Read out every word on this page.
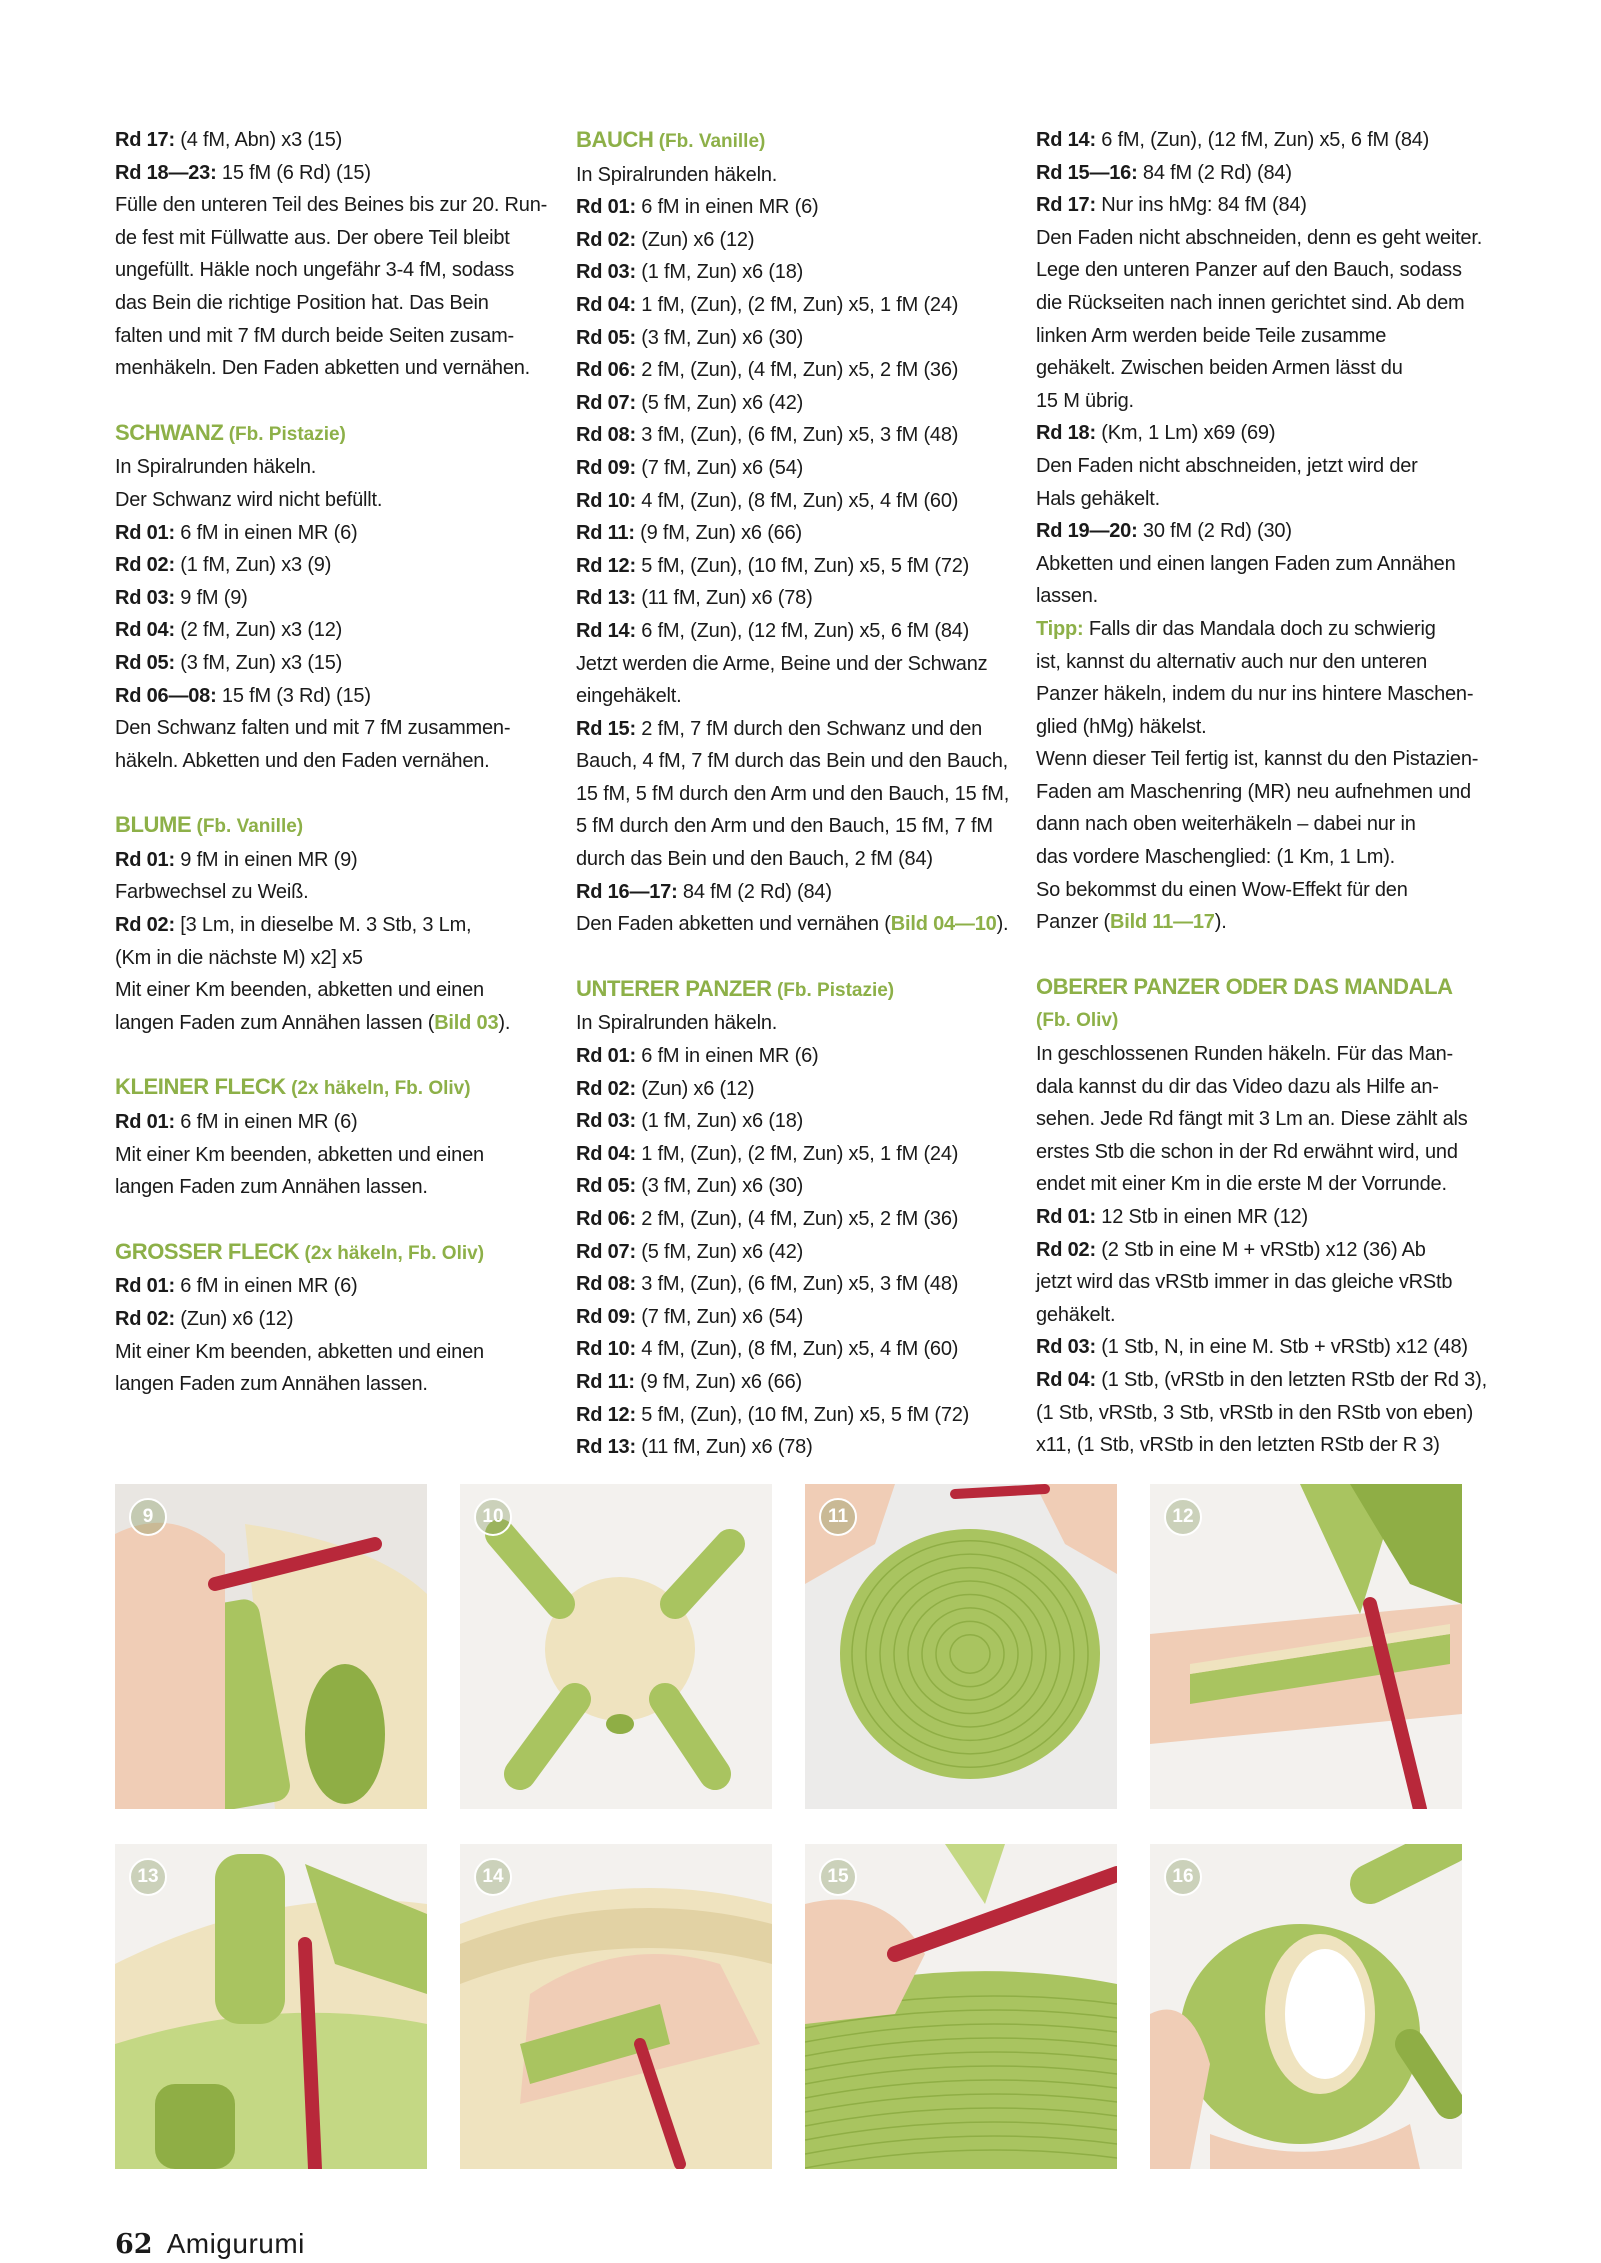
Rd 17: (4 fM, Abn) x3 (15)
Rd 18—23: 15 fM (6 Rd) (15)
Fülle den unteren Teil des Beines bis zur 20. Run-
de fest mit Füllwatte aus. Der obere Teil bleibt
ungefüllt. Häkle noch ungefähr 3-4 fM, sodass
das Bein die richtige Position hat. Das Bein
falten und mit 7 fM durch beide Seiten zusam-
menhäkeln. Den Faden abketten und vernähen.
SCHWANZ (Fb. Pistazie)
In Spiralrunden häkeln.
Der Schwanz wird nicht befüllt.
Rd 01: 6 fM in einen MR (6)
Rd 02: (1 fM, Zun) x3 (9)
Rd 03: 9 fM (9)
Rd 04: (2 fM, Zun) x3 (12)
Rd 05: (3 fM, Zun) x3 (15)
Rd 06—08: 15 fM (3 Rd) (15)
Den Schwanz falten und mit 7 fM zusammen-
häkeln. Abketten und den Faden vernähen.
BLUME (Fb. Vanille)
Rd 01: 9 fM in einen MR (9)
Farbwechsel zu Weiß.
Rd 02: [3 Lm, in dieselbe M. 3 Stb, 3 Lm,
(Km in die nächste M) x2] x5
Mit einer Km beenden, abketten und einen
langen Faden zum Annähen lassen (Bild 03).
KLEINER FLECK (2x häkeln, Fb. Oliv)
Rd 01: 6 fM in einen MR (6)
Mit einer Km beenden, abketten und einen
langen Faden zum Annähen lassen.
GROSSER FLECK (2x häkeln, Fb. Oliv)
Rd 01: 6 fM in einen MR (6)
Rd 02: (Zun) x6 (12)
Mit einer Km beenden, abketten und einen
langen Faden zum Annähen lassen.
BAUCH (Fb. Vanille)
In Spiralrunden häkeln.
Rd 01: 6 fM in einen MR (6)
Rd 02: (Zun) x6 (12)
Rd 03: (1 fM, Zun) x6 (18)
Rd 04: 1 fM, (Zun), (2 fM, Zun) x5, 1 fM (24)
Rd 05: (3 fM, Zun) x6 (30)
Rd 06: 2 fM, (Zun), (4 fM, Zun) x5, 2 fM (36)
Rd 07: (5 fM, Zun) x6 (42)
Rd 08: 3 fM, (Zun), (6 fM, Zun) x5, 3 fM (48)
Rd 09: (7 fM, Zun) x6 (54)
Rd 10: 4 fM, (Zun), (8 fM, Zun) x5, 4 fM (60)
Rd 11: (9 fM, Zun) x6 (66)
Rd 12: 5 fM, (Zun), (10 fM, Zun) x5, 5 fM (72)
Rd 13: (11 fM, Zun) x6 (78)
Rd 14: 6 fM, (Zun), (12 fM, Zun) x5, 6 fM (84)
Jetzt werden die Arme, Beine und der Schwanz
eingehäkelt.
Rd 15: 2 fM, 7 fM durch den Schwanz und den
Bauch, 4 fM, 7 fM durch das Bein und den Bauch,
15 fM, 5 fM durch den Arm und den Bauch, 15 fM,
5 fM durch den Arm und den Bauch, 15 fM, 7 fM
durch das Bein und den Bauch, 2 fM (84)
Rd 16—17: 84 fM (2 Rd) (84)
Den Faden abketten und vernähen (Bild 04—10).
UNTERER PANZER (Fb. Pistazie)
In Spiralrunden häkeln.
Rd 01: 6 fM in einen MR (6)
Rd 02: (Zun) x6 (12)
Rd 03: (1 fM, Zun) x6 (18)
Rd 04: 1 fM, (Zun), (2 fM, Zun) x5, 1 fM (24)
Rd 05: (3 fM, Zun) x6 (30)
Rd 06: 2 fM, (Zun), (4 fM, Zun) x5, 2 fM (36)
Rd 07: (5 fM, Zun) x6 (42)
Rd 08: 3 fM, (Zun), (6 fM, Zun) x5, 3 fM (48)
Rd 09: (7 fM, Zun) x6 (54)
Rd 10: 4 fM, (Zun), (8 fM, Zun) x5, 4 fM (60)
Rd 11: (9 fM, Zun) x6 (66)
Rd 12: 5 fM, (Zun), (10 fM, Zun) x5, 5 fM (72)
Rd 13: (11 fM, Zun) x6 (78)
Rd 14: 6 fM, (Zun), (12 fM, Zun) x5, 6 fM (84)
Rd 15—16: 84 fM (2 Rd) (84)
Rd 17: Nur ins hMg: 84 fM (84)
Den Faden nicht abschneiden, denn es geht weiter.
Lege den unteren Panzer auf den Bauch, sodass
die Rückseiten nach innen gerichtet sind. Ab dem
linken Arm werden beide Teile zusamme
gehäkelt. Zwischen beiden Armen lässt du
15 M übrig.
Rd 18: (Km, 1 Lm) x69 (69)
Den Faden nicht abschneiden, jetzt wird der
Hals gehäkelt.
Rd 19—20: 30 fM (2 Rd) (30)
Abketten und einen langen Faden zum Annähen
lassen.
Tipp: Falls dir das Mandala doch zu schwierig
ist, kannst du alternativ auch nur den unteren
Panzer häkeln, indem du nur ins hintere Maschen-
glied (hMg) häkelst.
Wenn dieser Teil fertig ist, kannst du den Pistazien-
Faden am Maschenring (MR) neu aufnehmen und
dann nach oben weiterhäkeln – dabei nur in
das vordere Maschenglied: (1 Km, 1 Lm).
So bekommst du einen Wow-Effekt für den
Panzer (Bild 11—17).
OBERER PANZER ODER DAS MANDALA
(Fb. Oliv)
In geschlossenen Runden häkeln. Für das Man-
dala kannst du dir das Video dazu als Hilfe an-
sehen. Jede Rd fängt mit 3 Lm an. Diese zählt als
erstes Stb die schon in der Rd erwähnt wird, und
endet mit einer Km in die erste M der Vorrunde.
Rd 01: 12 Stb in einen MR (12)
Rd 02: (2 Stb in eine M + vRStb) x12 (36) Ab
jetzt wird das vRStb immer in das gleiche vRStb
gehäkelt.
Rd 03: (1 Stb, N, in eine M. Stb + vRStb) x12 (48)
Rd 04: (1 Stb, (vRStb in den letzten RStb der Rd 3),
(1 Stb, vRStb, 3 Stb, vRStb in den RStb von eben)
x11, (1 Stb, vRStb in den letzten RStb der R 3)
9	10	11	12
13	14	15	16
62 Amigurumi
